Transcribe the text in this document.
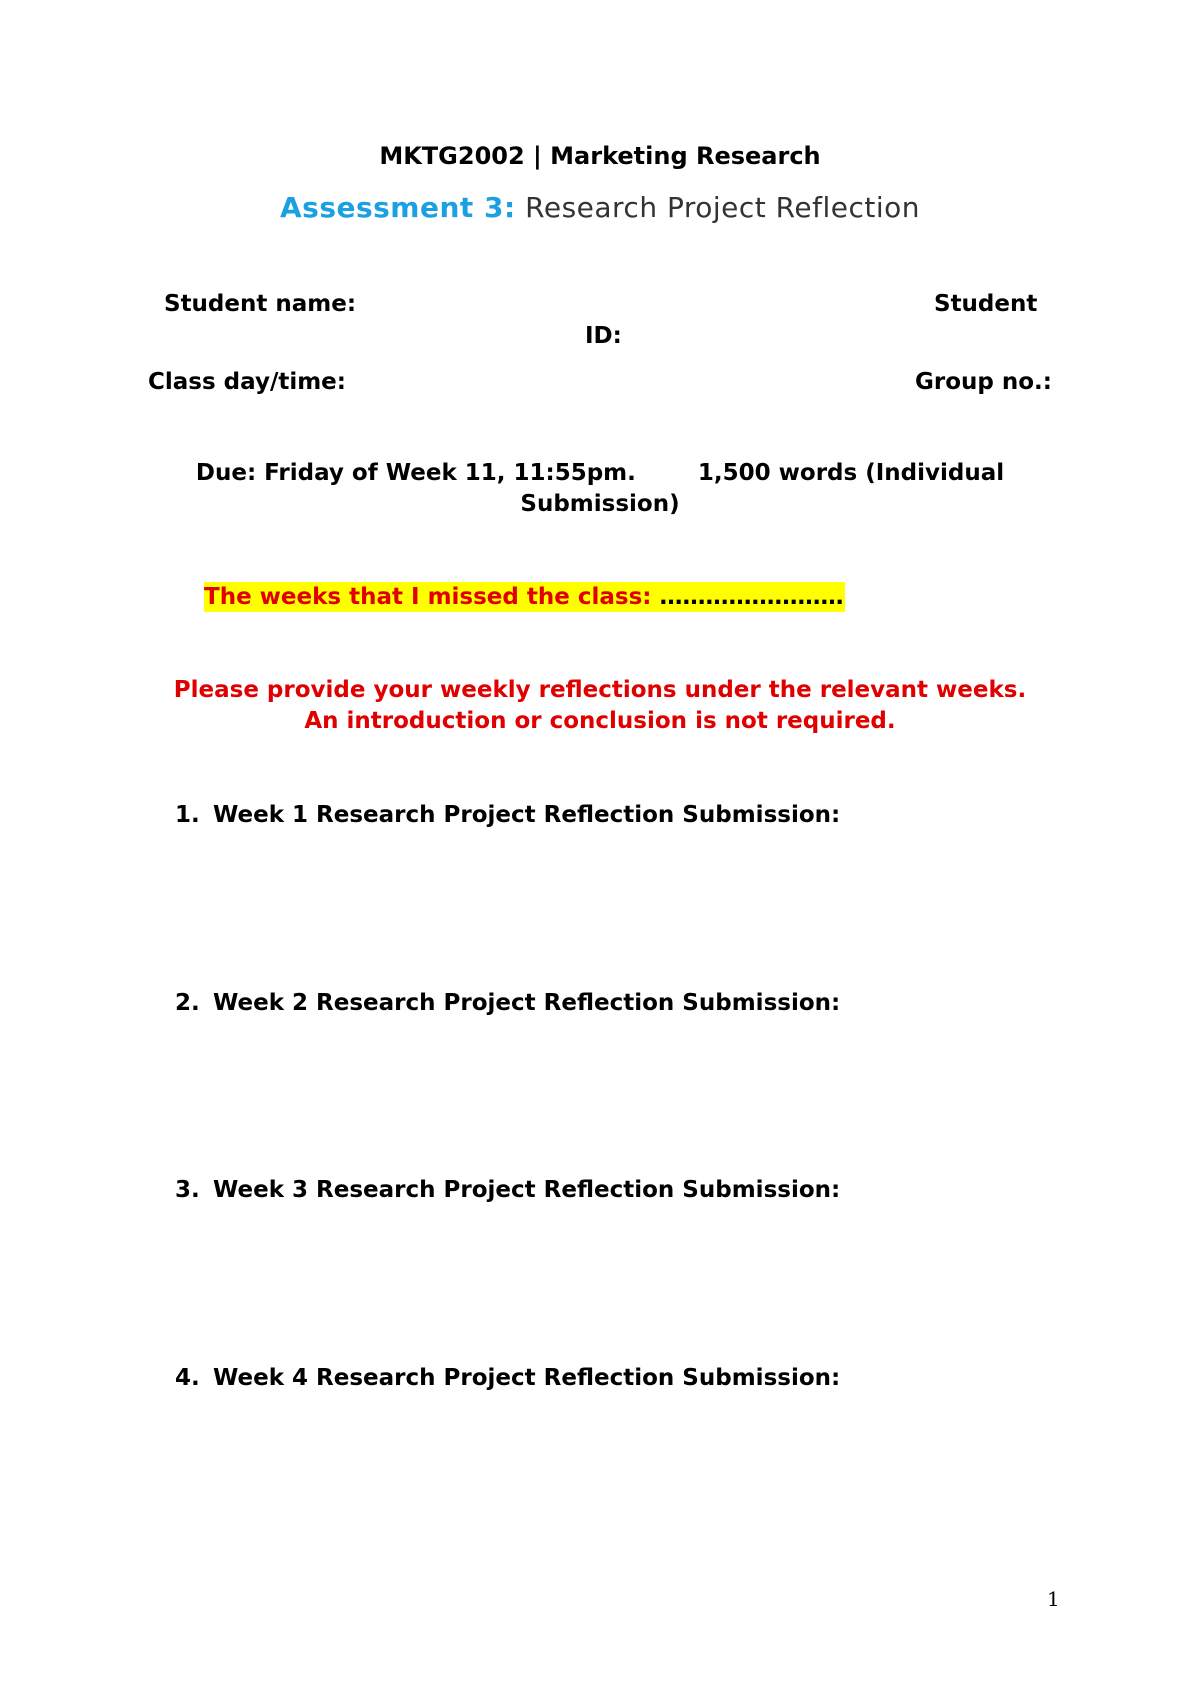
MKTG2002 | Marketing Research
Assessment 3: Research Project Reflection
Student name:	Student
ID:
Class day/time:	Group no.:
Due: Friday of Week 11, 11:55pm.	1,500 words (Individual Submission)
The weeks that I missed the class: ……………………
Please provide your weekly reflections under the relevant weeks.
An introduction or conclusion is not required.
1. Week 1 Research Project Reflection Submission:
2. Week 2 Research Project Reflection Submission:
3. Week 3 Research Project Reflection Submission:
4. Week 4 Research Project Reflection Submission:
1
